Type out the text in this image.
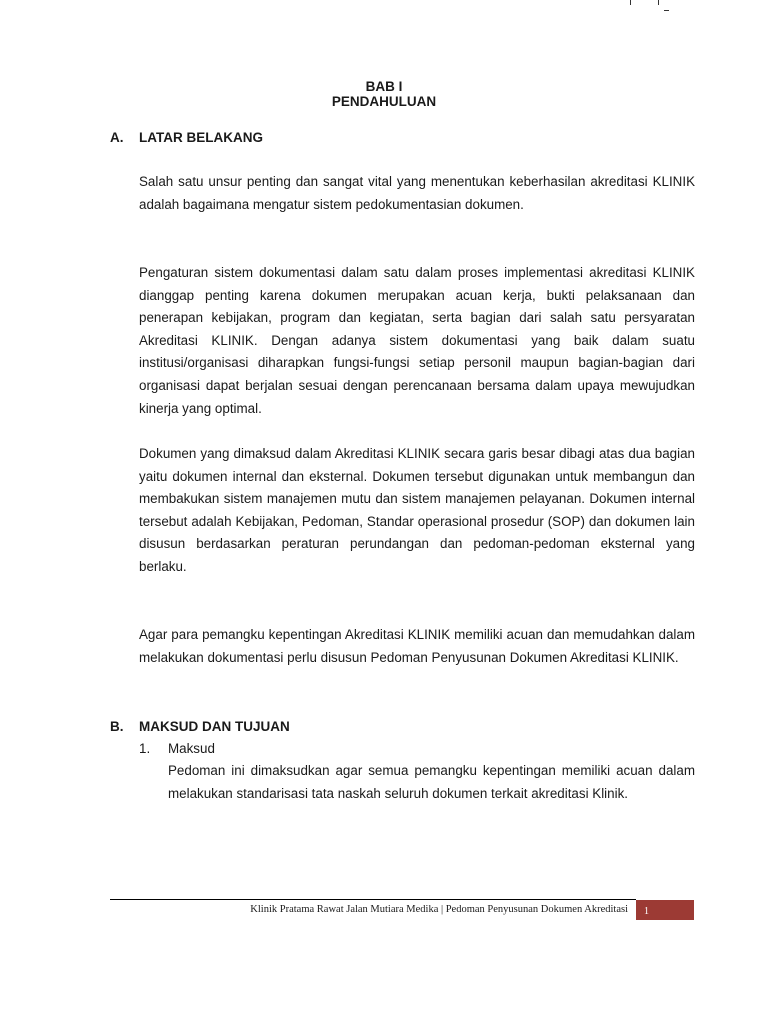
BAB I
PENDAHULUAN
A. LATAR BELAKANG

Salah satu unsur penting dan sangat vital yang menentukan keberhasilan akreditasi KLINIK adalah bagaimana mengatur sistem pedokumentasian dokumen.

Pengaturan sistem dokumentasi dalam satu dalam proses implementasi akreditasi KLINIK dianggap penting karena dokumen merupakan acuan kerja, bukti pelaksanaan dan penerapan kebijakan, program dan kegiatan, serta bagian dari salah satu persyaratan Akreditasi KLINIK. Dengan adanya sistem dokumentasi yang baik dalam suatu institusi/organisasi diharapkan fungsi-fungsi setiap personil maupun bagian-bagian dari organisasi dapat berjalan sesuai dengan perencanaan bersama dalam upaya mewujudkan kinerja yang optimal.

Dokumen yang dimaksud dalam Akreditasi KLINIK secara garis besar dibagi atas dua bagian yaitu dokumen internal dan eksternal. Dokumen tersebut digunakan untuk membangun dan membakukan sistem manajemen mutu dan sistem manajemen pelayanan. Dokumen internal tersebut adalah Kebijakan, Pedoman, Standar operasional prosedur (SOP) dan dokumen lain disusun berdasarkan peraturan perundangan dan pedoman-pedoman eksternal yang berlaku.

Agar para pemangku kepentingan Akreditasi KLINIK memiliki acuan dan memudahkan dalam melakukan dokumentasi perlu disusun Pedoman Penyusunan Dokumen Akreditasi KLINIK.

B. MAKSUD DAN TUJUAN
1. Maksud

Pedoman ini dimaksudkan agar semua pemangku kepentingan memiliki acuan dalam melakukan standarisasi tata naskah seluruh dokumen terkait akreditasi Klinik.

Klinik Pratama Rawat Jalan Mutiara Medika | Pedoman Penyusunan Dokumen Akreditasi	1
